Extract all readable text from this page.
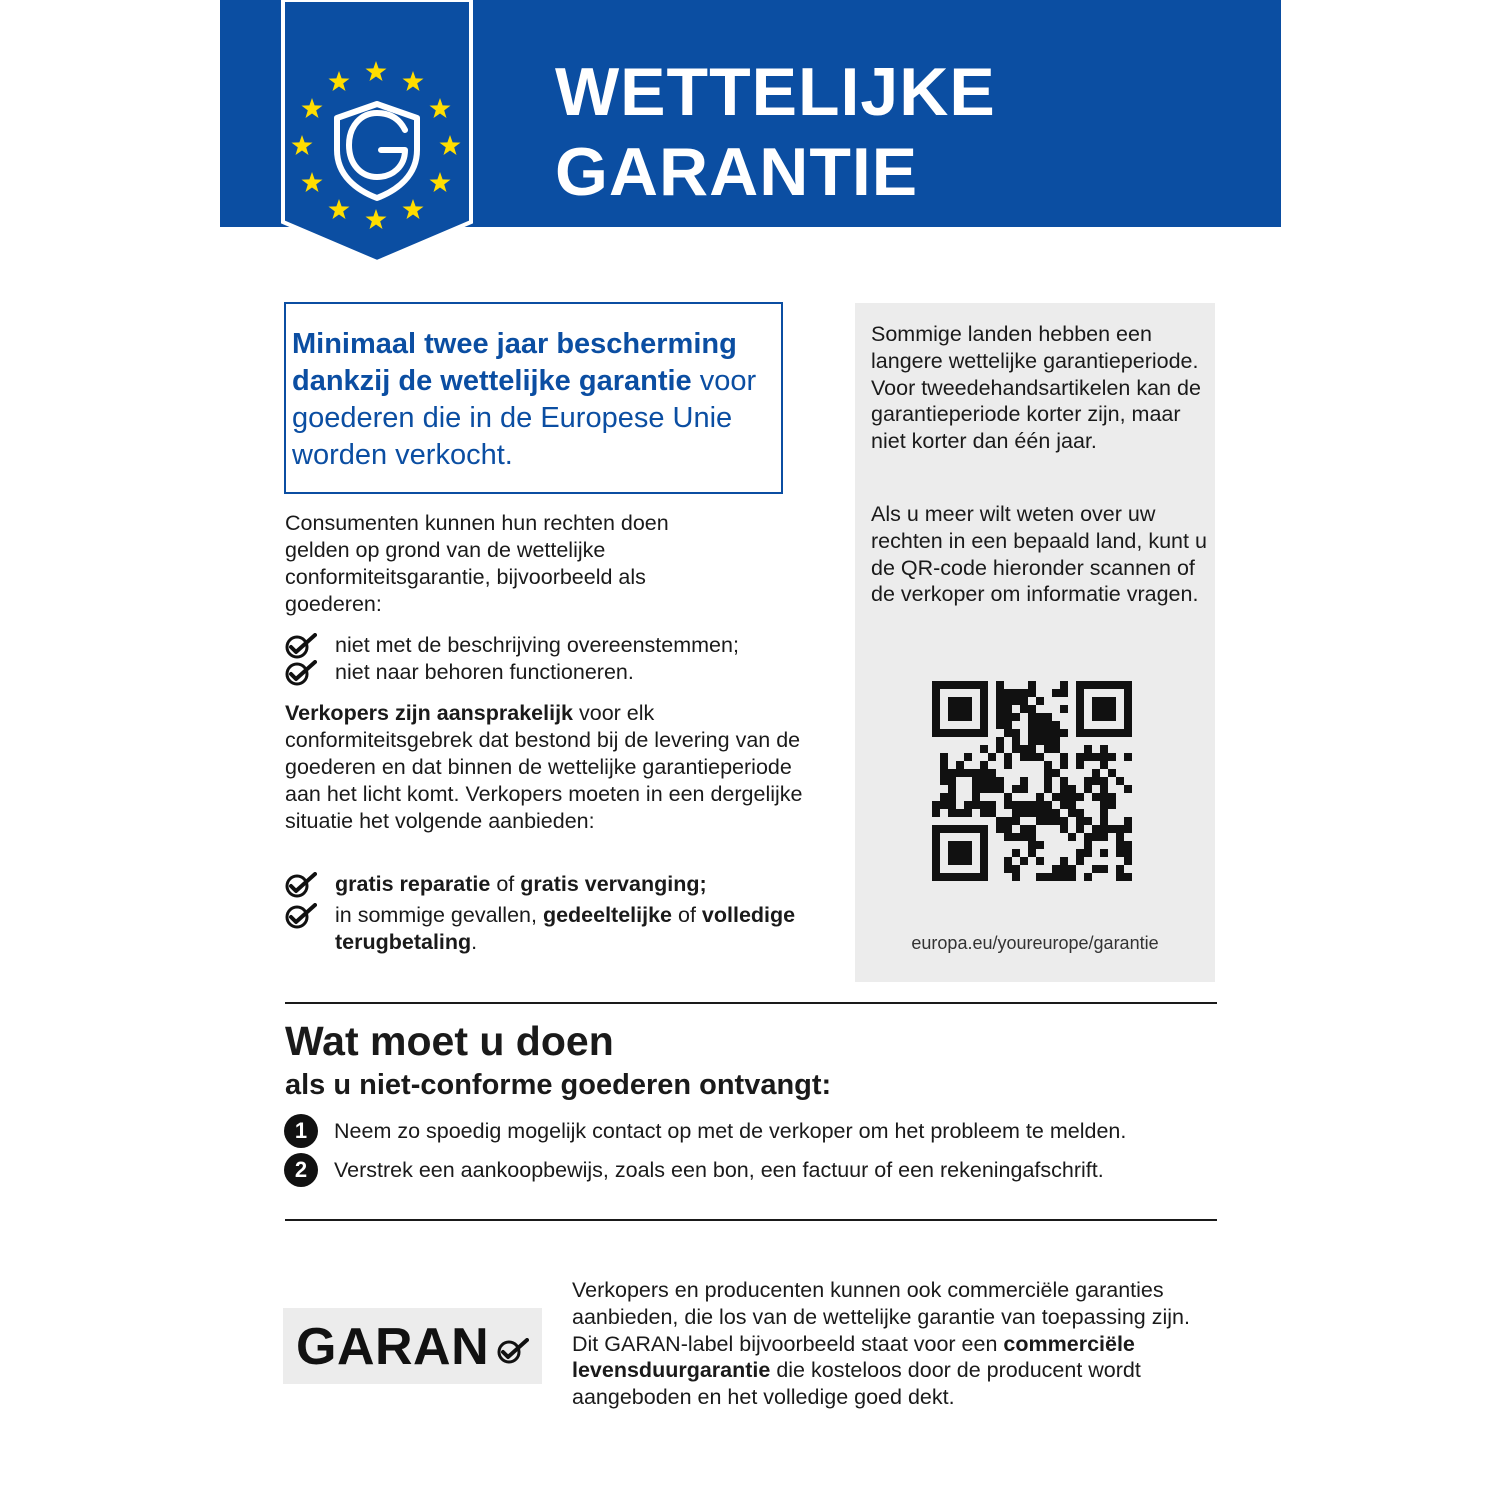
WETTELIJKE
GARANTIE

Minimaal twee jaar bescherming dankzij de wettelijke garantie voor goederen die in de Europese Unie worden verkocht.

Consumenten kunnen hun rechten doen gelden op grond van de wettelijke conformiteitsgarantie, bijvoorbeeld als goederen:

niet met de beschrijving overeenstemmen;
niet naar behoren functioneren.

Verkopers zijn aansprakelijk voor elk conformiteitsgebrek dat bestond bij de levering van de goederen en dat binnen de wettelijke garantieperiode aan het licht komt. Verkopers moeten in een dergelijke situatie het volgende aanbieden:

gratis reparatie of gratis vervanging;
in sommige gevallen, gedeeltelijke of volledige terugbetaling.

Sommige landen hebben een langere wettelijke garantieperiode. Voor tweedehandsartikelen kan de garantieperiode korter zijn, maar niet korter dan één jaar.

Als u meer wilt weten over uw rechten in een bepaald land, kunt u de QR-code hieronder scannen of de verkoper om informatie vragen.

europa.eu/youreurope/garantie

Wat moet u doen
als u niet-conforme goederen ontvangt:
1	Neem zo spoedig mogelijk contact op met de verkoper om het probleem te melden.
2	Verstrek een aankoopbewijs, zoals een bon, een factuur of een rekeningafschrift.
GARAN

Verkopers en producenten kunnen ook commerciële garanties aanbieden, die los van de wettelijke garantie van toepassing zijn. Dit GARAN-label bijvoorbeeld staat voor een commerciële levensduurgarantie die kosteloos door de producent wordt aangeboden en het volledige goed dekt.
